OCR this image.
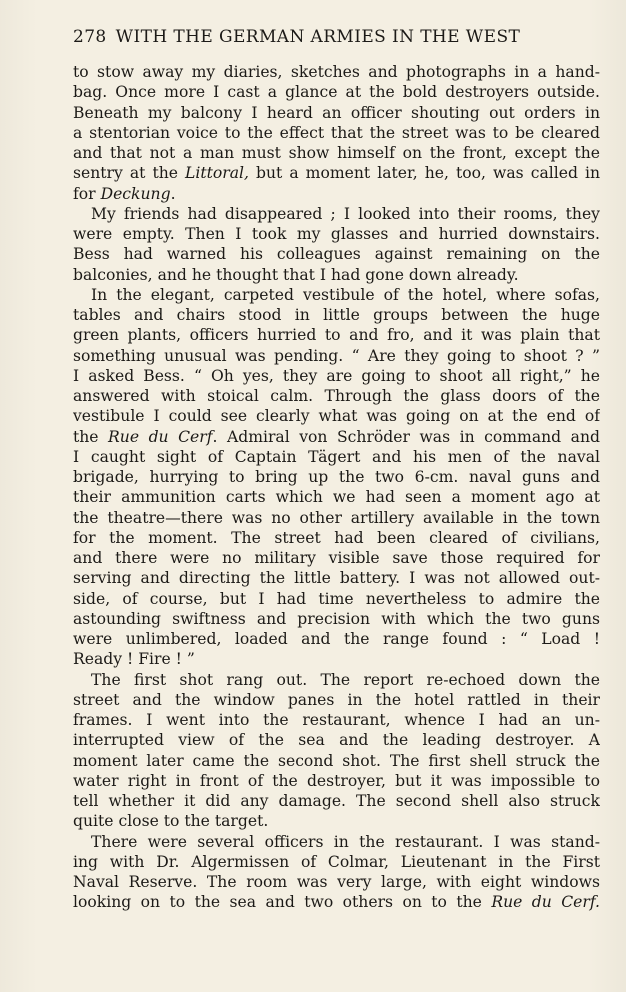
278 WITH THE GERMAN ARMIES IN THE WEST
to stow away my diaries, sketches and photographs in a hand-
bag. Once more I cast a glance at the bold destroyers outside.
Beneath my balcony I heard an officer shouting out orders in
a stentorian voice to the effect that the street was to be cleared
and that not a man must show himself on the front, except the
sentry at the Littoral, but a moment later, he, too, was called in
for Deckung.
My friends had disappeared ; I looked into their rooms, they
were empty. Then I took my glasses and hurried downstairs.
Bess had warned his colleagues against remaining on the
balconies, and he thought that I had gone down already.
In the elegant, carpeted vestibule of the hotel, where sofas,
tables and chairs stood in little groups between the huge
green plants, officers hurried to and fro, and it was plain that
something unusual was pending. “ Are they going to shoot ? ”
I asked Bess. “ Oh yes, they are going to shoot all right,” he
answered with stoical calm. Through the glass doors of the
vestibule I could see clearly what was going on at the end of
the Rue du Cerf. Admiral von Schröder was in command and
I caught sight of Captain Tägert and his men of the naval
brigade, hurrying to bring up the two 6-cm. naval guns and
their ammunition carts which we had seen a moment ago at
the theatre—there was no other artillery available in the town
for the moment. The street had been cleared of civilians,
and there were no military visible save those required for
serving and directing the little battery. I was not allowed out-
side, of course, but I had time nevertheless to admire the
astounding swiftness and precision with which the two guns
were unlimbered, loaded and the range found : “ Load !
Ready ! Fire ! ”
The first shot rang out. The report re-echoed down the
street and the window panes in the hotel rattled in their
frames. I went into the restaurant, whence I had an un-
interrupted view of the sea and the leading destroyer. A
moment later came the second shot. The first shell struck the
water right in front of the destroyer, but it was impossible to
tell whether it did any damage. The second shell also struck
quite close to the target.
There were several officers in the restaurant. I was stand-
ing with Dr. Algermissen of Colmar, Lieutenant in the First
Naval Reserve. The room was very large, with eight windows
looking on to the sea and two others on to the Rue du Cerf.
